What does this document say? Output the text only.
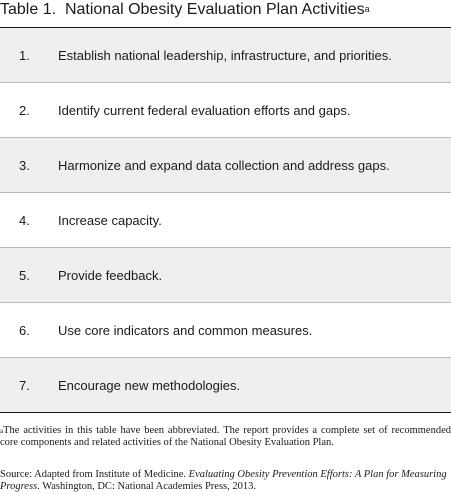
Table 1. National Obesity Evaluation Plan Activities$^a$
1.	Establish national leadership, infrastructure, and priorities.
2.	Identify current federal evaluation efforts and gaps.
3.	Harmonize and expand data collection and address gaps.
4.	Increase capacity.
5.	Provide feedback.
6.	Use core indicators and common measures.
7.	Encourage new methodologies.
$^a$The activities in this table have been abbreviated. The report provides a complete set of recommended core components and related activities of the National Obesity Evaluation Plan.
Source: Adapted from Institute of Medicine. Evaluating Obesity Prevention Efforts: A Plan for Measuring Progress. Washington, DC: National Academies Press, 2013.
